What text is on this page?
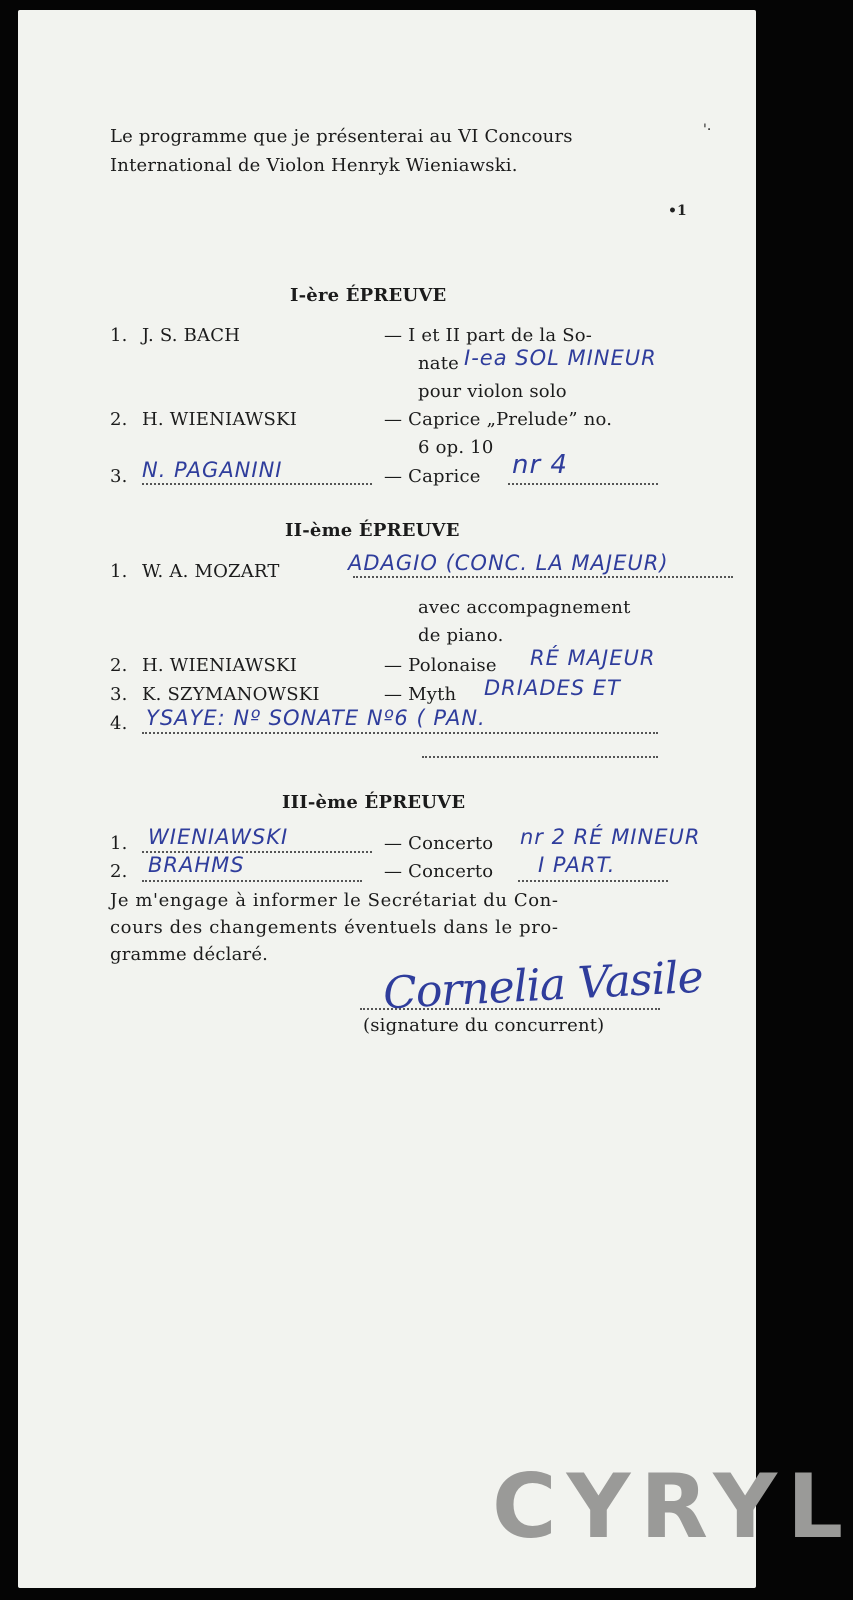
Le programme que je présenterai au VI Concours
International de Violon Henryk Wieniawski.
'·
•1
I-ère ÉPREUVE
1. J. S. BACH	— I et II part de la So-
nate I-ea SOL MINEUR
pour violon solo
2. H. WIENIAWSKI	— Caprice „Prelude” no.
6 op. 10
3. N. PAGANINI	— Caprice nr 4
II-ème ÉPREUVE
1. W. A. MOZART	ADAGIO (CONC. LA MAJEUR)
avec accompagnement
de piano.
2. H. WIENIAWSKI	— Polonaise RÉ MAJEUR
3. K. SZYMANOWSKI	— Myth DRIADES ET
4. YSAYE: Nº SONATE Nº6 ( PAN.
III-ème ÉPREUVE
1. WIENIAWSKI	— Concerto nr 2 RÉ MINEUR
2. BRAHMS	— Concerto I PART.
Je m'engage à informer le Secrétariat du Con-
cours des changements éventuels dans le pro-
gramme déclaré.	Cornelia Vasile
(signature du concurrent)
CYRYL
